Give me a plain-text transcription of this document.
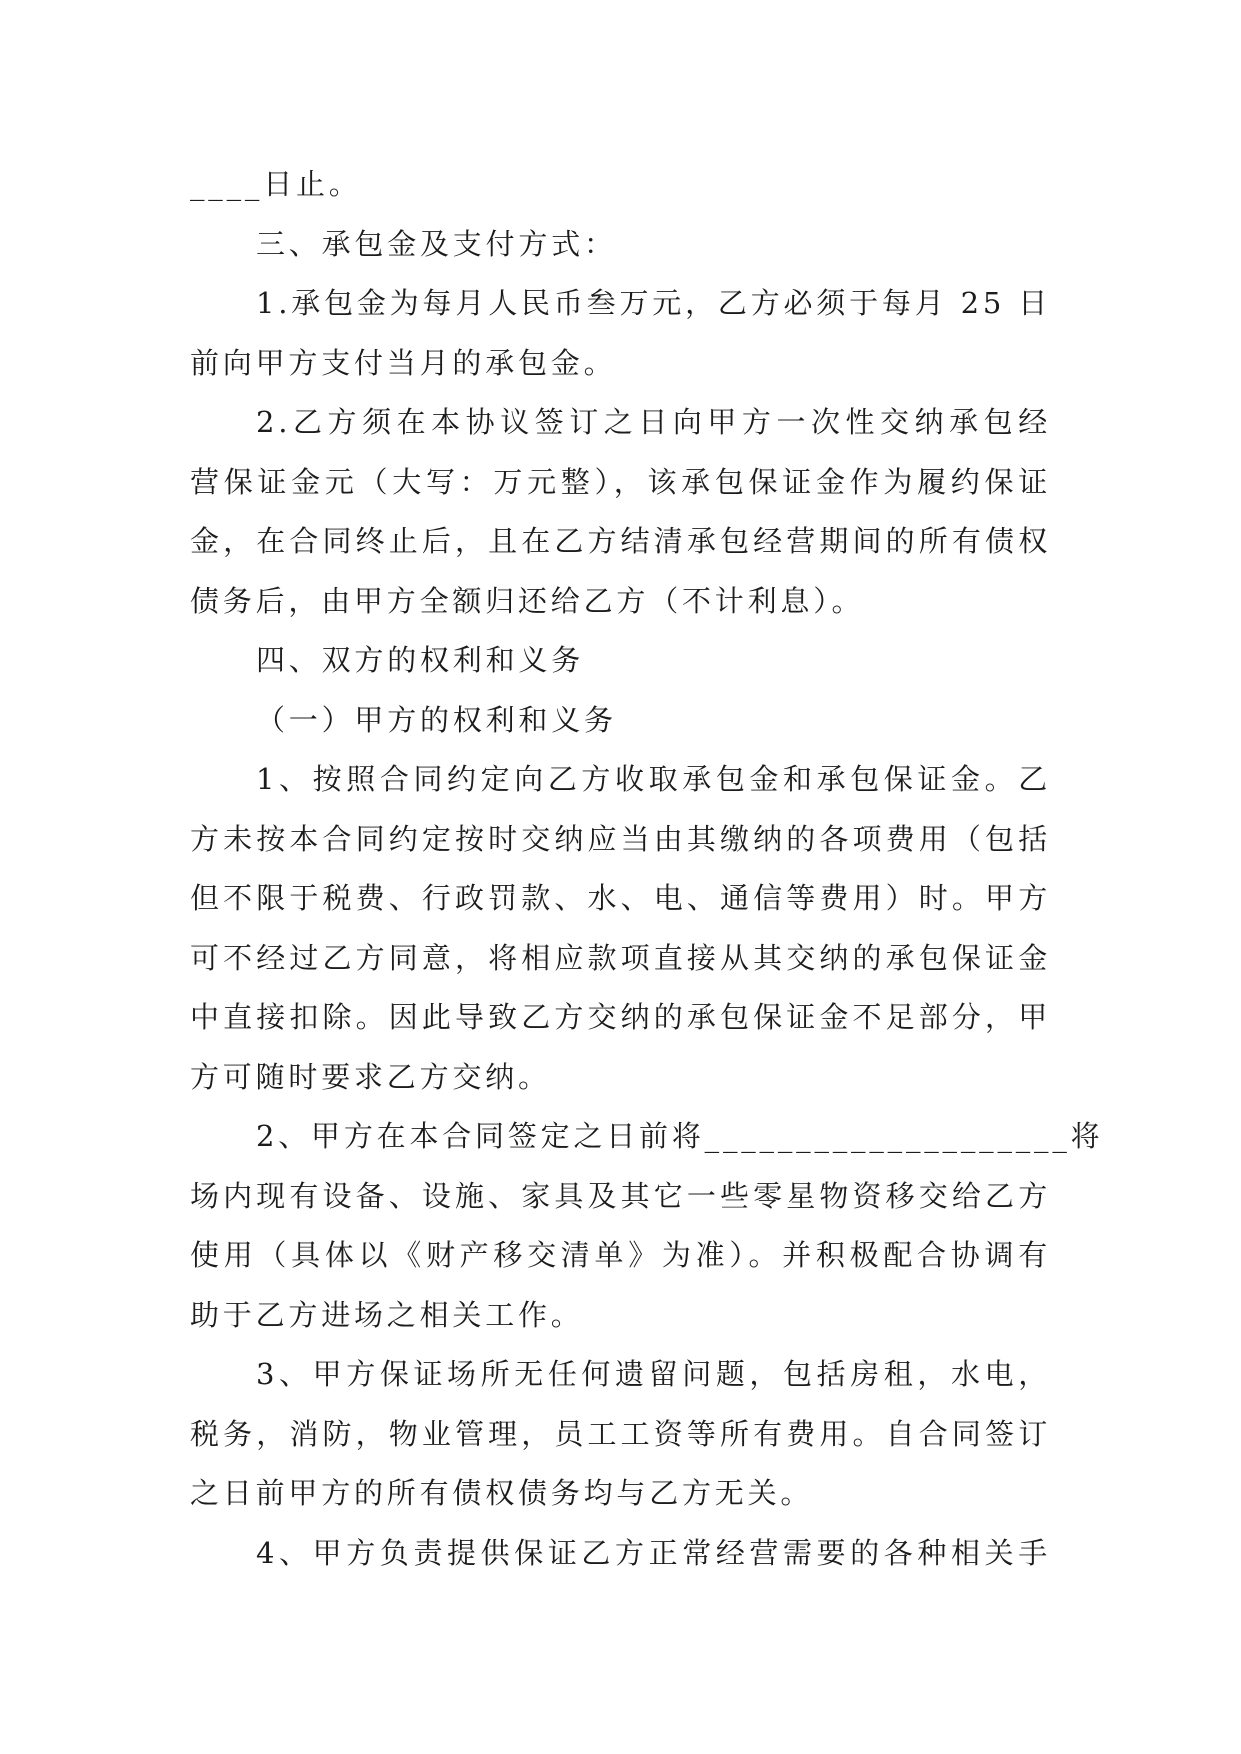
____日止。
三、承包金及支付方式：
1.承包金为每月人民币叁万元，乙方必须于每月 25 日
前向甲方支付当月的承包金。
2.乙方须在本协议签订之日向甲方一次性交纳承包经
营保证金元（大写：万元整），该承包保证金作为履约保证
金，在合同终止后，且在乙方结清承包经营期间的所有债权
债务后，由甲方全额归还给乙方（不计利息）。
四、双方的权利和义务
（一）甲方的权利和义务
1、按照合同约定向乙方收取承包金和承包保证金。乙
方未按本合同约定按时交纳应当由其缴纳的各项费用（包括
但不限于税费、行政罚款、水、电、通信等费用）时。甲方
可不经过乙方同意，将相应款项直接从其交纳的承包保证金
中直接扣除。因此导致乙方交纳的承包保证金不足部分，甲
方可随时要求乙方交纳。
2、甲方在本合同签定之日前将____________________将
场内现有设备、设施、家具及其它一些零星物资移交给乙方
使用（具体以《财产移交清单》为准）。并积极配合协调有
助于乙方进场之相关工作。
3、甲方保证场所无任何遗留问题，包括房租，水电，
税务，消防，物业管理，员工工资等所有费用。自合同签订
之日前甲方的所有债权债务均与乙方无关。
4、甲方负责提供保证乙方正常经营需要的各种相关手
